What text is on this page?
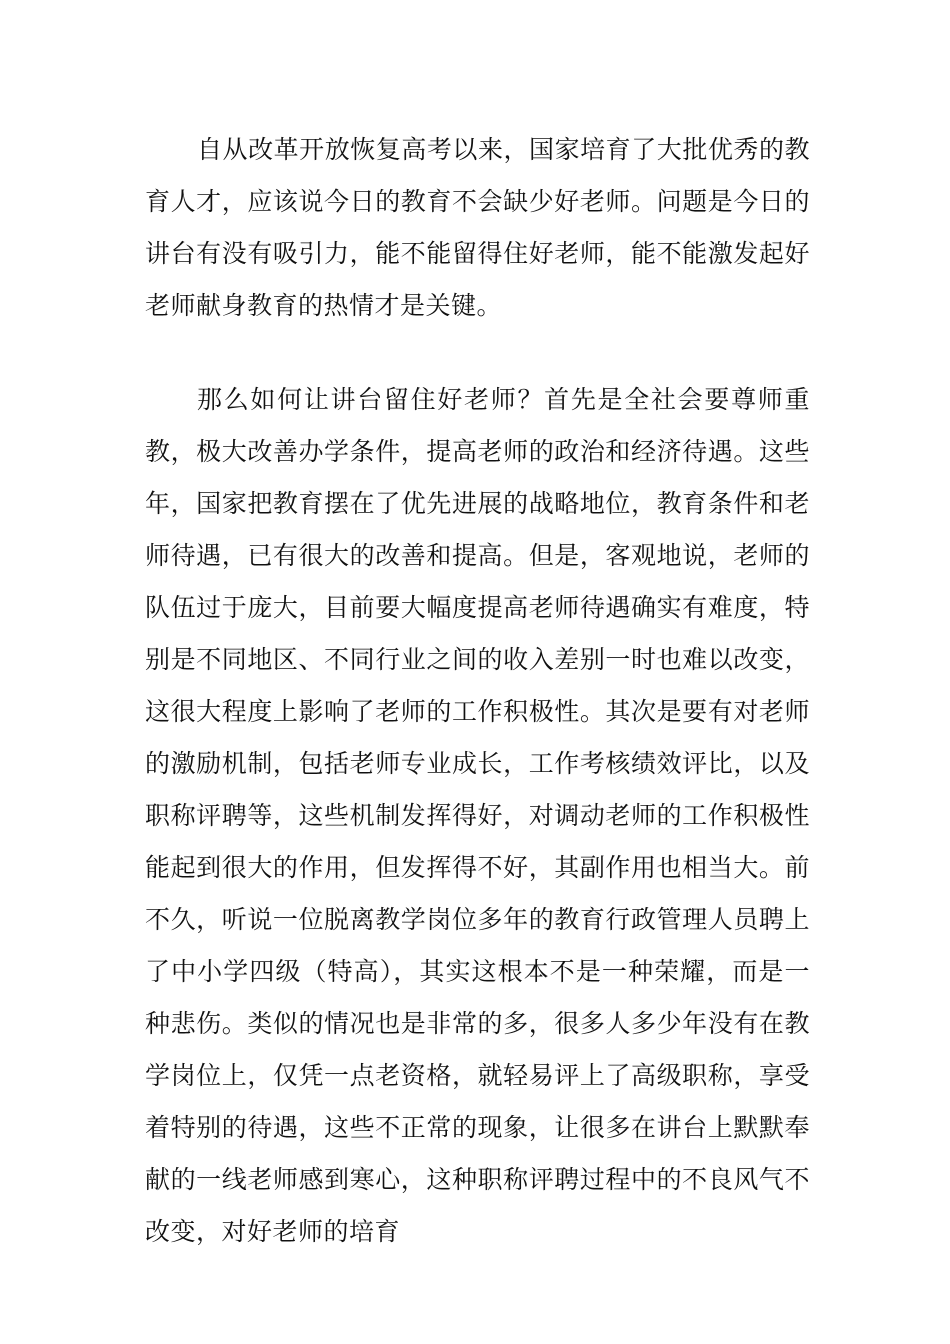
自从改革开放恢复高考以来，国家培育了大批优秀的教育人才，应该说今日的教育不会缺少好老师。问题是今日的讲台有没有吸引力，能不能留得住好老师，能不能激发起好老师献身教育的热情才是关键。

那么如何让讲台留住好老师？首先是全社会要尊师重教，极大改善办学条件，提高老师的政治和经济待遇。这些年，国家把教育摆在了优先进展的战略地位，教育条件和老师待遇，已有很大的改善和提高。但是，客观地说，老师的队伍过于庞大，目前要大幅度提高老师待遇确实有难度，特别是不同地区、不同行业之间的收入差别一时也难以改变，这很大程度上影响了老师的工作积极性。其次是要有对老师的激励机制，包括老师专业成长，工作考核绩效评比，以及职称评聘等，这些机制发挥得好，对调动老师的工作积极性能起到很大的作用，但发挥得不好，其副作用也相当大。前不久，听说一位脱离教学岗位多年的教育行政管理人员聘上了中小学四级（特高），其实这根本不是一种荣耀，而是一种悲伤。类似的情况也是非常的多，很多人多少年没有在教学岗位上，仅凭一点老资格，就轻易评上了高级职称，享受着特别的待遇，这些不正常的现象，让很多在讲台上默默奉献的一线老师感到寒心，这种职称评聘过程中的不良风气不改变，对好老师的培育
